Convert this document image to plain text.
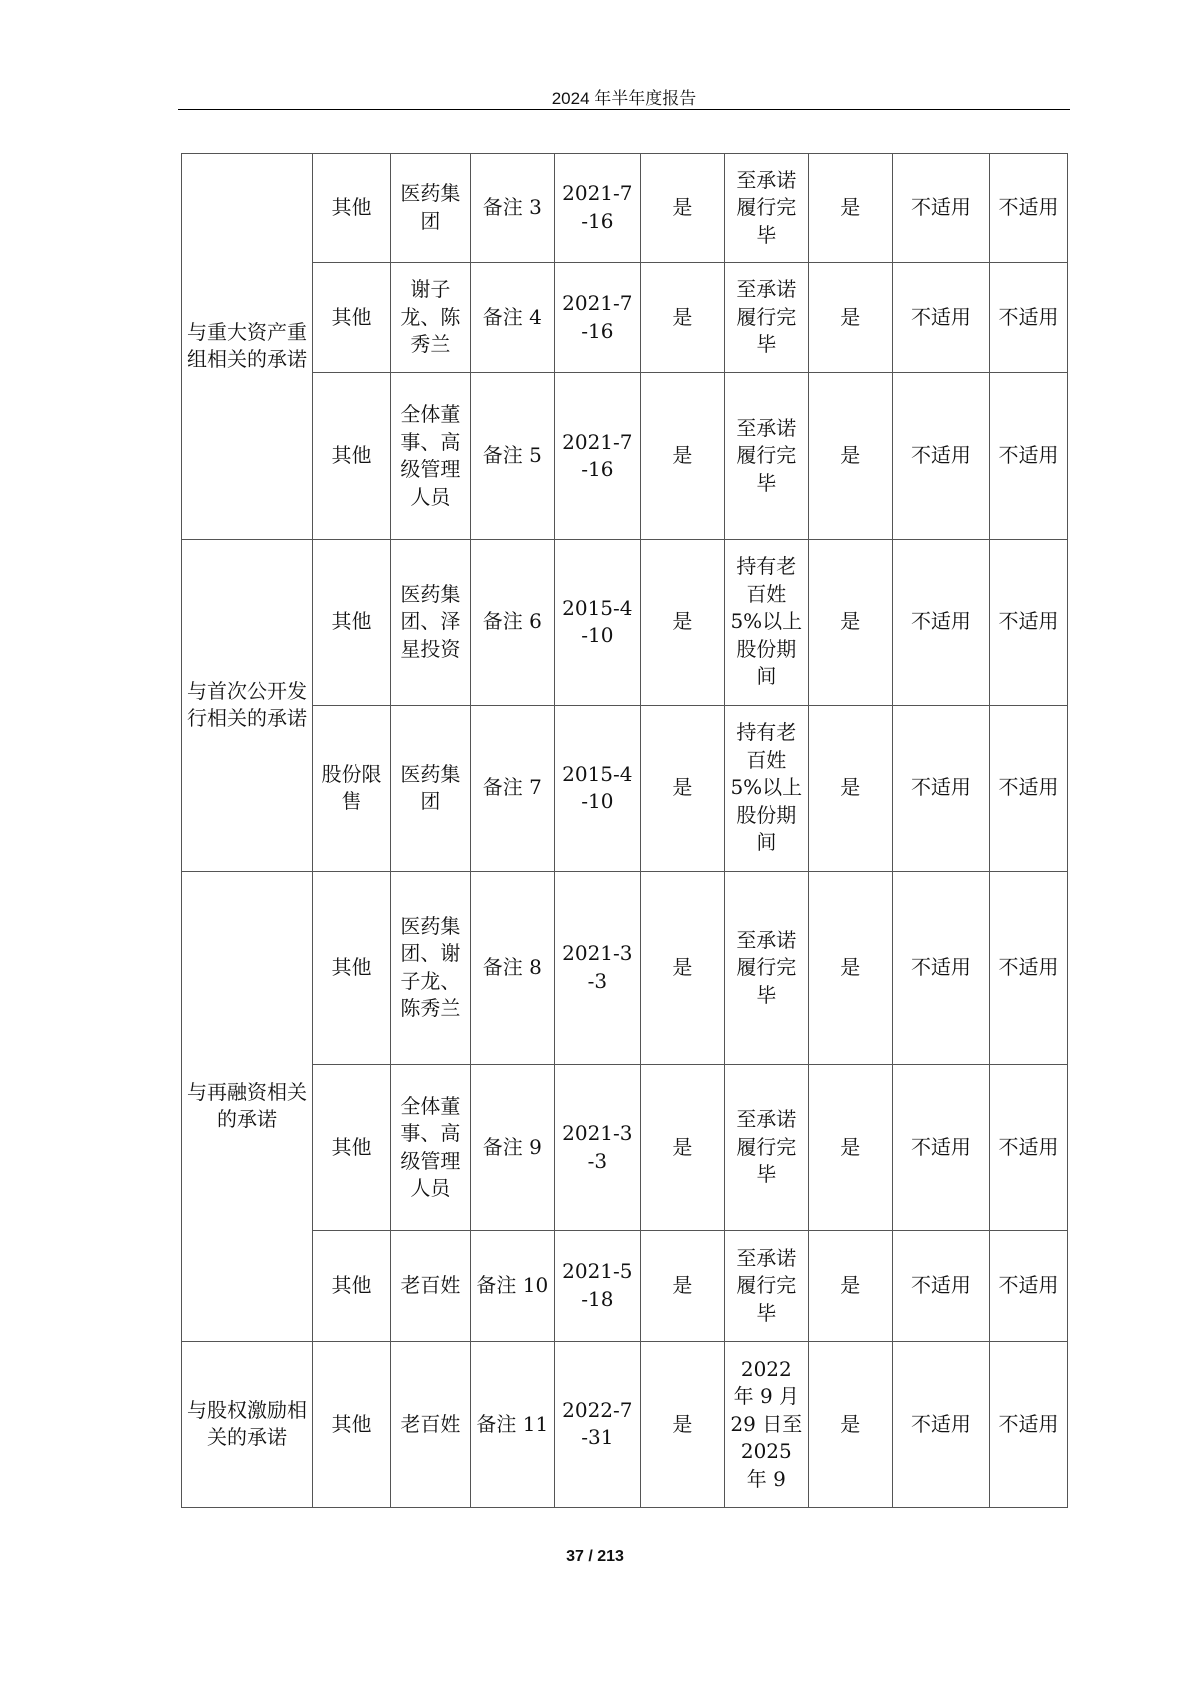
2024 年半年度报告
与重大资产重组相关的承诺	其他	医药集团	备注 3	2021-7-16	是	至承诺履行完毕	是	不适用	不适用
	其他	谢子龙、陈秀兰	备注 4	2021-7-16	是	至承诺履行完毕	是	不适用	不适用
	其他	全体董事、高级管理人员	备注 5	2021-7-16	是	至承诺履行完毕	是	不适用	不适用
与首次公开发行相关的承诺	其他	医药集团、泽星投资	备注 6	2015-4-10	是	持有老百姓 5%以上股份期间	是	不适用	不适用
	股份限售	医药集团	备注 7	2015-4-10	是	持有老百姓 5%以上股份期间	是	不适用	不适用
与再融资相关的承诺	其他	医药集团、谢子龙、陈秀兰	备注 8	2021-3-3	是	至承诺履行完毕	是	不适用	不适用
	其他	全体董事、高级管理人员	备注 9	2021-3-3	是	至承诺履行完毕	是	不适用	不适用
	其他	老百姓	备注 10	2021-5-18	是	至承诺履行完毕	是	不适用	不适用
与股权激励相关的承诺	其他	老百姓	备注 11	2022-7-31	是	2022 年 9 月 29 日至 2025 年 9	是	不适用	不适用
37 / 213
